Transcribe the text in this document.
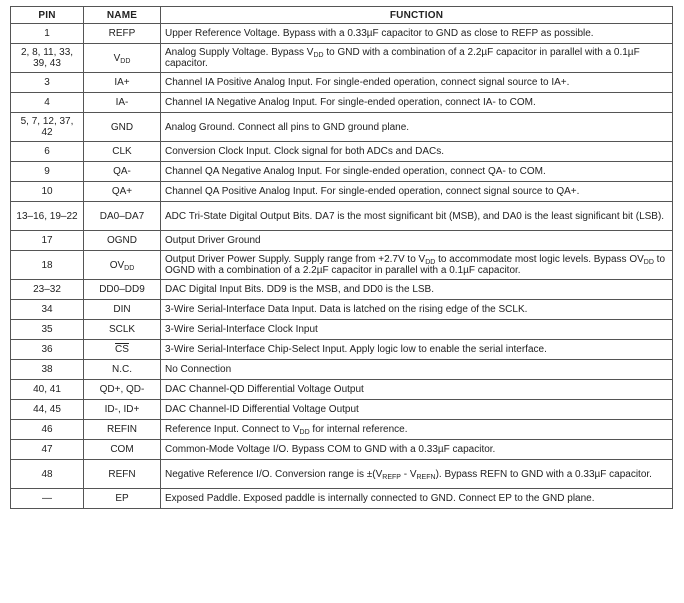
PIN	NAME	FUNCTION
1	REFP	Upper Reference Voltage. Bypass with a 0.33µF capacitor to GND as close to REFP as possible.
2, 8, 11, 33, 39, 43	$V_{DD}$	Analog Supply Voltage. Bypass $V_{DD}$ to GND with a combination of a 2.2µF capacitor in parallel with a 0.1µF capacitor.
3	IA+	Channel IA Positive Analog Input. For single-ended operation, connect signal source to IA+.
4	IA-	Channel IA Negative Analog Input. For single-ended operation, connect IA- to COM.
5, 7, 12, 37, 42	GND	Analog Ground. Connect all pins to GND ground plane.
6	CLK	Conversion Clock Input. Clock signal for both ADCs and DACs.
9	QA-	Channel QA Negative Analog Input. For single-ended operation, connect QA- to COM.
10	QA+	Channel QA Positive Analog Input. For single-ended operation, connect signal source to QA+.
13–16, 19–22	DA0–DA7	ADC Tri-State Digital Output Bits. DA7 is the most significant bit (MSB), and DA0 is the least significant bit (LSB).
17	OGND	Output Driver Ground
18	$OV_{DD}$	Output Driver Power Supply. Supply range from +2.7V to $V_{DD}$ to accommodate most logic levels. Bypass $OV_{DD}$ to OGND with a combination of a 2.2µF capacitor in parallel with a 0.1µF capacitor.
23–32	DD0–DD9	DAC Digital Input Bits. DD9 is the MSB, and DD0 is the LSB.
34	DIN	3-Wire Serial-Interface Data Input. Data is latched on the rising edge of the SCLK.
35	SCLK	3-Wire Serial-Interface Clock Input
36	$\overline{CS}$	3-Wire Serial-Interface Chip-Select Input. Apply logic low to enable the serial interface.
38	N.C.	No Connection
40, 41	QD+, QD-	DAC Channel-QD Differential Voltage Output
44, 45	ID-, ID+	DAC Channel-ID Differential Voltage Output
46	REFIN	Reference Input. Connect to $V_{DD}$ for internal reference.
47	COM	Common-Mode Voltage I/O. Bypass COM to GND with a 0.33µF capacitor.
48	REFN	Negative Reference I/O. Conversion range is $\pm(V_{REFP} - V_{REFN})$. Bypass REFN to GND with a 0.33µF capacitor.
—	EP	Exposed Paddle. Exposed paddle is internally connected to GND. Connect EP to the GND plane.
